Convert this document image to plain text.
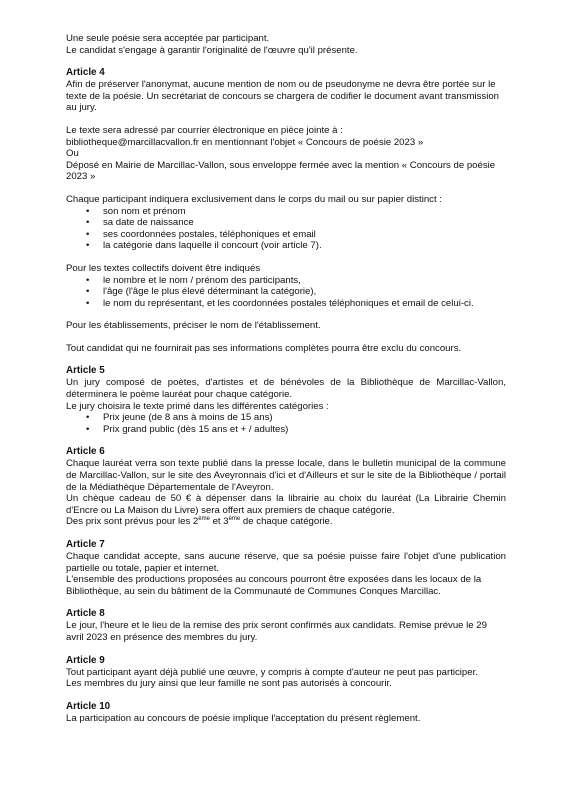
Une seule poésie sera acceptée par participant.

Le candidat s'engage à garantir l'originalité de l'œuvre qu'il présente.

Article 4

Afin de préserver l'anonymat, aucune mention de nom ou de pseudonyme ne devra être portée sur le texte de la poésie. Un secrétariat de concours se chargera de codifier le document avant transmission au jury.

Le texte sera adressé par courrier électronique en pièce jointe à :

bibliotheque@marcillacvallon.fr en mentionnant l'objet « Concours de poésie 2023 »

Ou

Déposé en Mairie de Marcillac-Vallon, sous enveloppe fermée avec la mention « Concours de poésie 2023 »

Chaque participant indiquera exclusivement dans le corps du mail ou sur papier distinct :

• son nom et prénom
• sa date de naissance
• ses coordonnées postales, téléphoniques et email
• la catégorie dans laquelle il concourt (voir article 7).

Pour les textes collectifs doivent être indiqués

• le nombre et le nom / prénom des participants,
• l'âge (l'âge le plus élevé déterminant la catégorie),
• le nom du représentant, et les coordonnées postales téléphoniques et email de celui-ci.

Pour les établissements, préciser le nom de l'établissement.

Tout candidat qui ne fournirait pas ses informations complètes pourra être exclu du concours.

Article 5

Un jury composé de poètes, d'artistes et de bénévoles de la Bibliothèque de Marcillac-Vallon, déterminera le poème lauréat pour chaque catégorie.

Le jury choisira le texte primé dans les différentes catégories :

• Prix jeune (de 8 ans à moins de 15 ans)
• Prix grand public (dès 15 ans et + / adultes)
Article 6

Chaque lauréat verra son texte publié dans la presse locale, dans le bulletin municipal de la commune de Marcillac-Vallon, sur le site des Aveyronnais d'ici et d'Ailleurs et sur le site de la Bibliothèque / portail de la Médiathèque Départementale de l'Aveyron.

Un chèque cadeau de 50 € à dépenser dans la librairie au choix du lauréat (La Librairie Chemin d'Encre ou La Maison du Livre) sera offert aux premiers de chaque catégorie.

Des prix sont prévus pour les 2ème et 3ème de chaque catégorie.

Article 7

Chaque candidat accepte, sans aucune réserve, que sa poésie puisse faire l'objet d'une publication partielle ou totale, papier et internet.

L'ensemble des productions proposées au concours pourront être exposées dans les locaux de la Bibliothèque, au sein du bâtiment de la Communauté de Communes Conques Marcillac.

Article 8

Le jour, l'heure et le lieu de la remise des prix seront confirmés aux candidats. Remise prévue le 29 avril 2023 en présence des membres du jury.

Article 9

Tout participant ayant déjà publié une œuvre, y compris à compte d'auteur ne peut pas participer.

Les membres du jury ainsi que leur famille ne sont pas autorisés à concourir.

Article 10

La participation au concours de poésie implique l'acceptation du présent règlement.
